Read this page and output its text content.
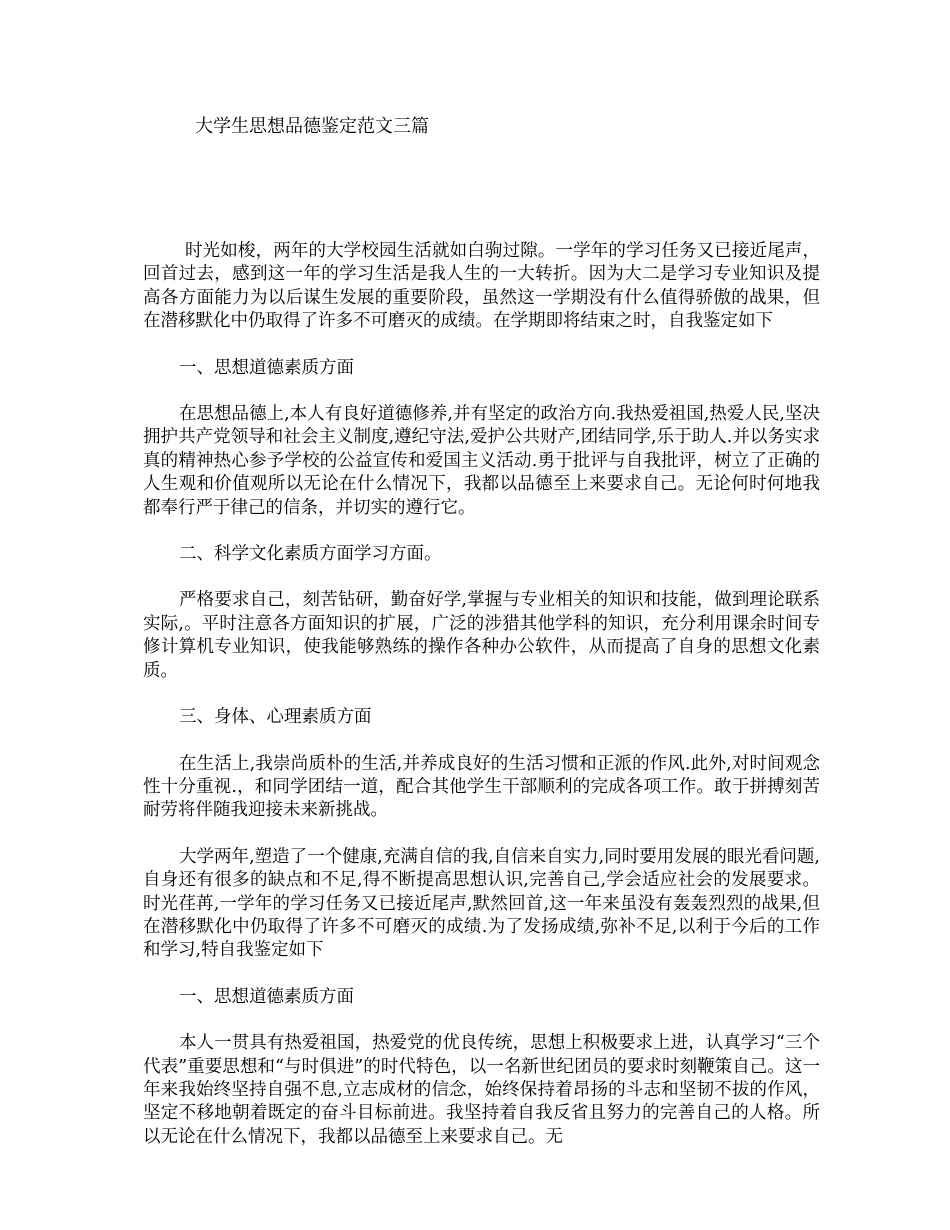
大学生思想品德鉴定范文三篇

时光如梭，两年的大学校园生活就如白驹过隙。一学年的学习任务又已接近尾声，回首过去，感到这一年的学习生活是我人生的一大转折。因为大二是学习专业知识及提高各方面能力为以后谋生发展的重要阶段，虽然这一学期没有什么值得骄傲的战果，但在潜移默化中仍取得了许多不可磨灭的成绩。在学期即将结束之时，自我鉴定如下

一、思想道德素质方面

在思想品德上,本人有良好道德修养,并有坚定的政治方向.我热爱祖国,热爱人民,坚决拥护共产党领导和社会主义制度,遵纪守法,爱护公共财产,团结同学,乐于助人.并以务实求真的精神热心参予学校的公益宣传和爱国主义活动.勇于批评与自我批评，树立了正确的人生观和价值观所以无论在什么情况下，我都以品德至上来要求自己。无论何时何地我都奉行严于律己的信条，并切实的遵行它。

二、科学文化素质方面学习方面。

严格要求自己，刻苦钻研，勤奋好学,掌握与专业相关的知识和技能，做到理论联系实际,。平时注意各方面知识的扩展，广泛的涉猎其他学科的知识，充分利用课余时间专修计算机专业知识，使我能够熟练的操作各种办公软件，从而提高了自身的思想文化素质。

三、身体、心理素质方面

在生活上,我崇尚质朴的生活,并养成良好的生活习惯和正派的作风.此外,对时间观念性十分重视.，和同学团结一道，配合其他学生干部顺利的完成各项工作。敢于拼搏刻苦耐劳将伴随我迎接未来新挑战。

大学两年,塑造了一个健康,充满自信的我,自信来自实力,同时要用发展的眼光看问题,自身还有很多的缺点和不足,得不断提高思想认识,完善自己,学会适应社会的发展要求。时光荏苒,一学年的学习任务又已接近尾声,默然回首,这一年来虽没有轰轰烈烈的战果,但在潜移默化中仍取得了许多不可磨灭的成绩.为了发扬成绩,弥补不足,以利于今后的工作和学习,特自我鉴定如下

一、思想道德素质方面

本人一贯具有热爱祖国，热爱党的优良传统，思想上积极要求上进，认真学习“三个代表”重要思想和“与时俱进”的时代特色，以一名新世纪团员的要求时刻鞭策自己。这一年来我始终坚持自强不息,立志成材的信念，始终保持着昂扬的斗志和坚韧不拔的作风，坚定不移地朝着既定的奋斗目标前进。我坚持着自我反省且努力的完善自己的人格。所以无论在什么情况下，我都以品德至上来要求自己。无
